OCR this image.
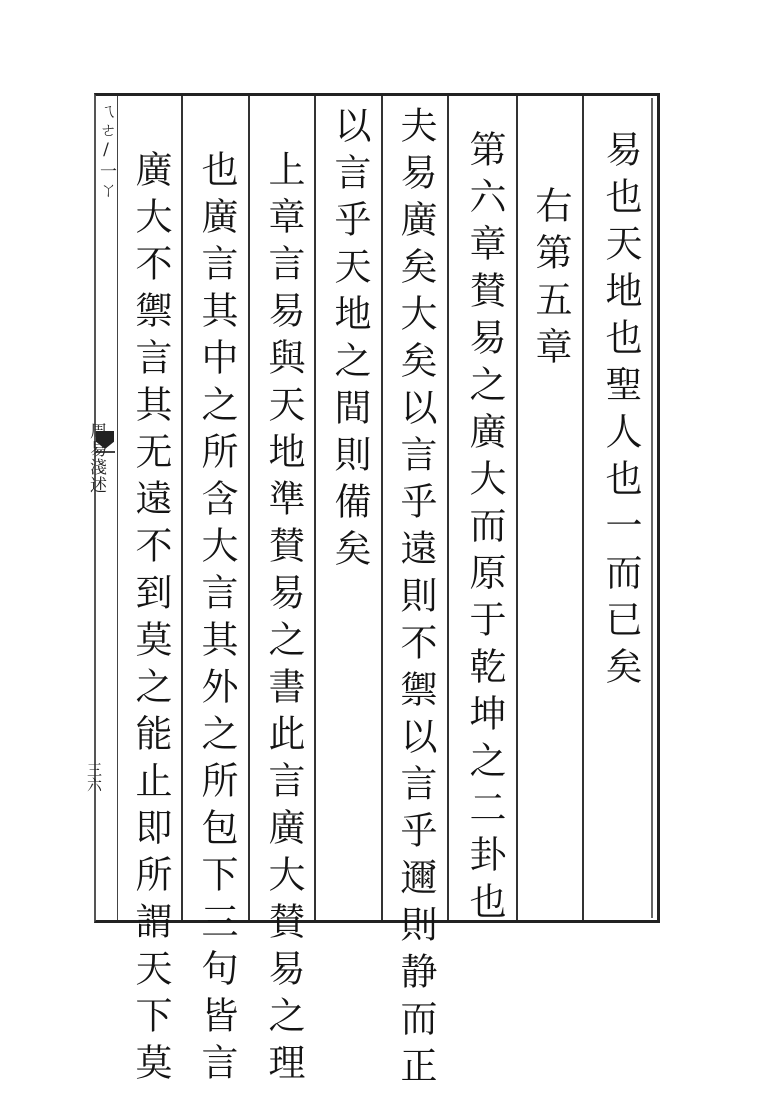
ㄟㄜ/一ㄚ
周易淺述
三六
易也天地也聖人也一而已矣
右第五章
第六章賛易之廣大而原于乾坤之二卦也
夫易廣矣大矣以言乎遠則不禦以言乎邇則静而正
以言乎天地之間則備矣
上章言易與天地準賛易之書此言廣大賛易之理
也廣言其中之所含大言其外之所包下三句皆言
廣大不禦言其无遠不到莫之能止即所謂天下莫
